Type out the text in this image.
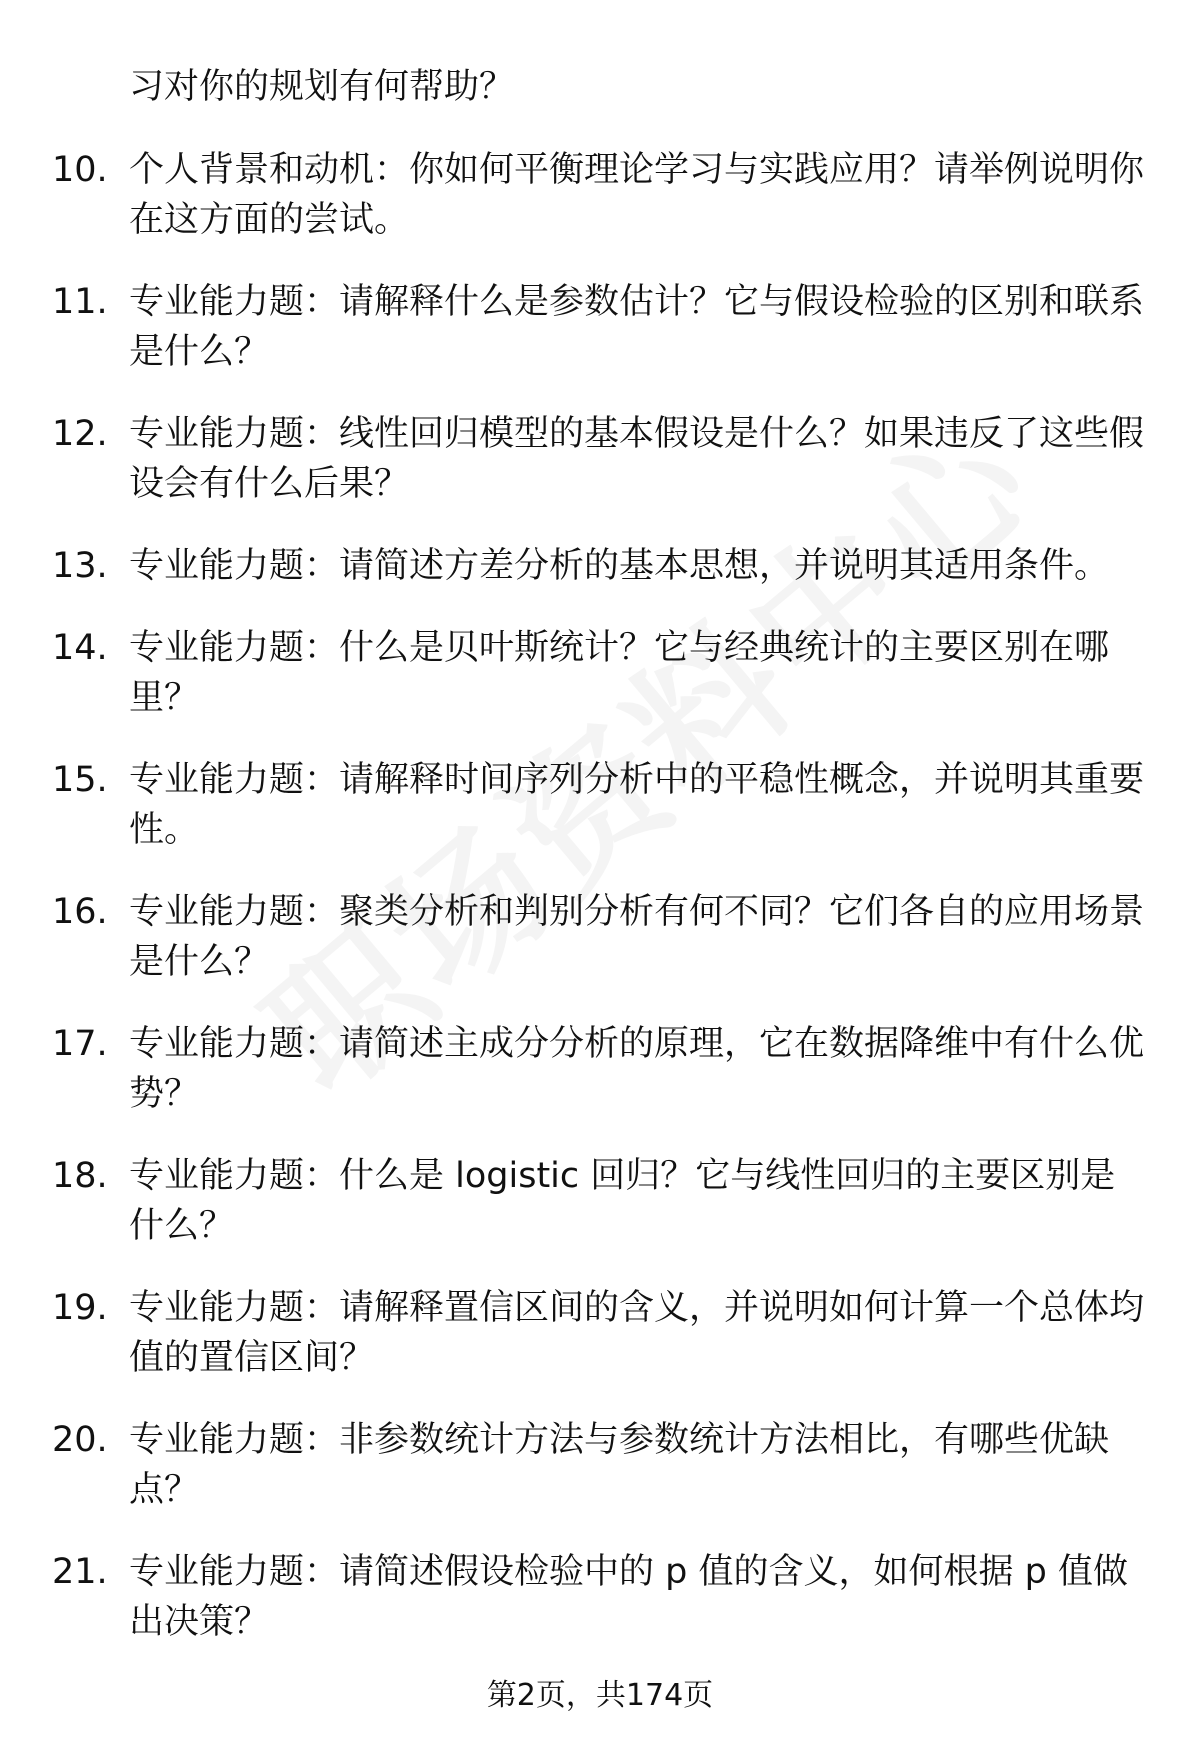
习对你的规划有何帮助？
10. 个人背景和动机：你如何平衡理论学习与实践应用？请举例说明你在这方面的尝试。
11. 专业能力题：请解释什么是参数估计？它与假设检验的区别和联系是什么？
12. 专业能力题：线性回归模型的基本假设是什么？如果违反了这些假设会有什么后果？
13. 专业能力题：请简述方差分析的基本思想，并说明其适用条件。
14. 专业能力题：什么是贝叶斯统计？它与经典统计的主要区别在哪里？
15. 专业能力题：请解释时间序列分析中的平稳性概念，并说明其重要性。
16. 专业能力题：聚类分析和判别分析有何不同？它们各自的应用场景是什么？
17. 专业能力题：请简述主成分分析的原理，它在数据降维中有什么优势？
18. 专业能力题：什么是 logistic 回归？它与线性回归的主要区别是什么？
19. 专业能力题：请解释置信区间的含义，并说明如何计算一个总体均值的置信区间？
20. 专业能力题：非参数统计方法与参数统计方法相比，有哪些优缺点？
21. 专业能力题：请简述假设检验中的 p 值的含义，如何根据 p 值做出决策？
第2页，共174页
